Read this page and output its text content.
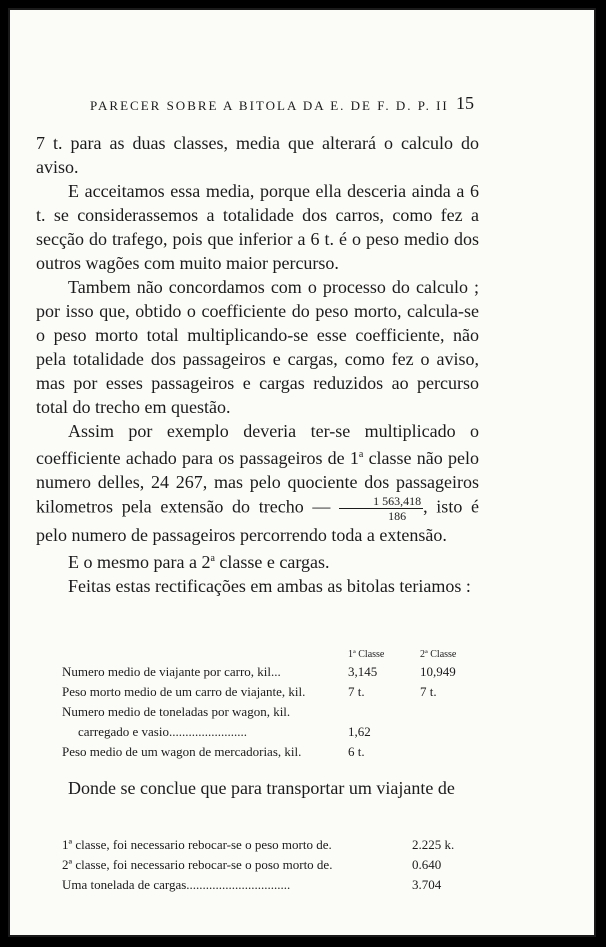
PARECER SOBRE A BITOLA DA E. DE F. D. P. II 15

7 t. para as duas classes, media que alterará o calculo do aviso.

E acceitamos essa media, porque ella desceria ainda a 6 t. se considerassemos a totalidade dos carros, como fez a secção do trafego, pois que inferior a 6 t. é o peso medio dos outros wagões com muito maior percurso.

Tambem não concordamos com o processo do calculo ; por isso que, obtido o coefficiente do peso morto, calcula-se o peso morto total multiplicando-se esse coefficiente, não pela totalidade dos passageiros e cargas, como fez o aviso, mas por esses passageiros e cargas reduzidos ao percurso total do trecho em questão.

Assim por exemplo deveria ter-se multiplicado o coefficiente achado para os passageiros de 1$^a$ classe não pelo numero delles, 24 267, mas pelo quociente dos passageiros kilometros pela extensão do trecho — $\frac{1 563,418}{186}$ , isto é pelo numero de passageiros percorrendo toda a extensão.

E o mesmo para a 2$^a$ classe e cargas.

Feitas estas rectificações em ambas as bitolas teriamos :

	1ª Classe	2ª Classe
Numero medio de viajante por carro, kil...	3,145	10,949
Peso morto medio de um carro de viajante, kil.	7 t.	7 t.
Numero medio de toneladas por wagon, kil.		
carregado e vasio........................	1,62	
Peso medio de um wagon de mercadorias, kil.	6 t.	

Donde se conclue que para transportar um viajante de

1ª classe, foi necessario rebocar-se o peso morto de.	2.225 k.
2ª classe, foi necessario rebocar-se o poso morto de.	0.640
Uma tonelada de cargas................................	3.704
